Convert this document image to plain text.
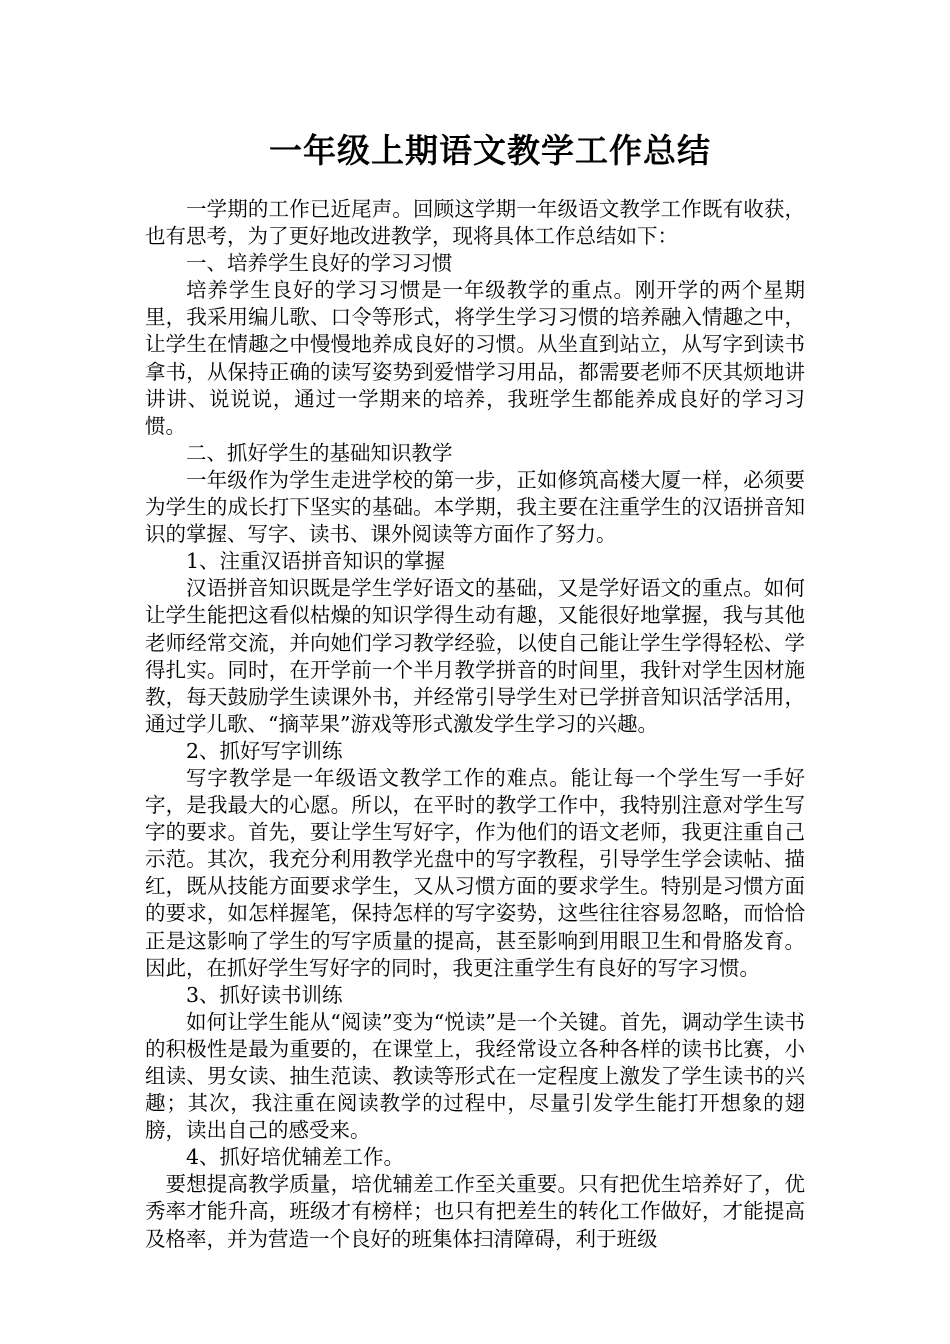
一年级上期语文教学工作总结

一学期的工作已近尾声。回顾这学期一年级语文教学工作既有收获，也有思考，为了更好地改进教学，现将具体工作总结如下：

一、培养学生良好的学习习惯

培养学生良好的学习习惯是一年级教学的重点。刚开学的两个星期里，我采用编儿歌、口令等形式，将学生学习习惯的培养融入情趣之中，让学生在情趣之中慢慢地养成良好的习惯。从坐直到站立，从写字到读书拿书，从保持正确的读写姿势到爱惜学习用品，都需要老师不厌其烦地讲讲讲、说说说，通过一学期来的培养，我班学生都能养成良好的学习习惯。

二、抓好学生的基础知识教学

一年级作为学生走进学校的第一步，正如修筑高楼大厦一样，必须要为学生的成长打下坚实的基础。本学期，我主要在注重学生的汉语拼音知识的掌握、写字、读书、课外阅读等方面作了努力。

1、注重汉语拼音知识的掌握

汉语拼音知识既是学生学好语文的基础，又是学好语文的重点。如何让学生能把这看似枯燥的知识学得生动有趣，又能很好地掌握，我与其他老师经常交流，并向她们学习教学经验，以使自己能让学生学得轻松、学得扎实。同时，在开学前一个半月教学拼音的时间里，我针对学生因材施教，每天鼓励学生读课外书，并经常引导学生对已学拼音知识活学活用，通过学儿歌、“摘苹果”游戏等形式激发学生学习的兴趣。

2、抓好写字训练

写字教学是一年级语文教学工作的难点。能让每一个学生写一手好字，是我最大的心愿。所以，在平时的教学工作中，我特别注意对学生写字的要求。首先，要让学生写好字，作为他们的语文老师，我更注重自己示范。其次，我充分利用教学光盘中的写字教程，引导学生学会读帖、描红，既从技能方面要求学生，又从习惯方面的要求学生。特别是习惯方面的要求，如怎样握笔，保持怎样的写字姿势，这些往往容易忽略，而恰恰正是这影响了学生的写字质量的提高，甚至影响到用眼卫生和骨胳发育。因此，在抓好学生写好字的同时，我更注重学生有良好的写字习惯。

3、抓好读书训练

如何让学生能从“阅读”变为“悦读”是一个关键。首先，调动学生读书的积极性是最为重要的，在课堂上，我经常设立各种各样的读书比赛，小组读、男女读、抽生范读、教读等形式在一定程度上激发了学生读书的兴趣；其次，我注重在阅读教学的过程中，尽量引发学生能打开想象的翅膀，读出自己的感受来。

4、抓好培优辅差工作。

要想提高教学质量，培优辅差工作至关重要。只有把优生培养好了，优秀率才能升高，班级才有榜样；也只有把差生的转化工作做好，才能提高及格率，并为营造一个良好的班集体扫清障碍，利于班级
